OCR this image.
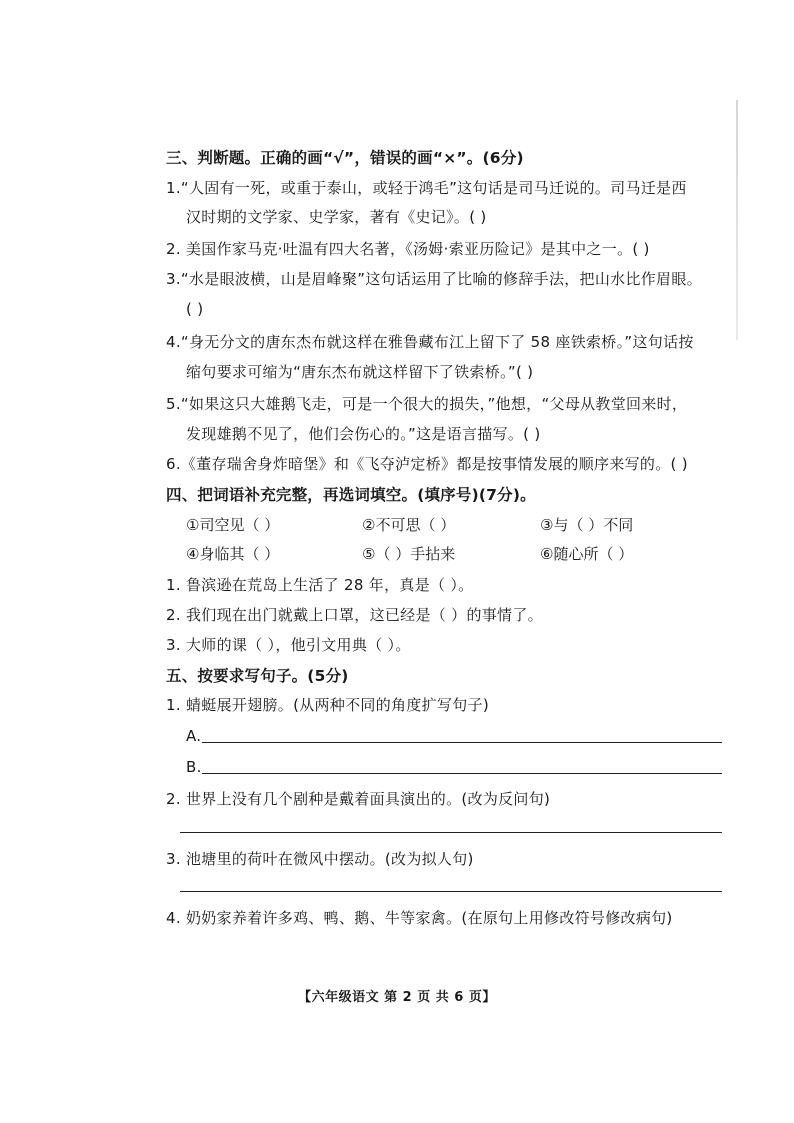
三、判断题。正确的画“√”，错误的画“×”。(6分)
1.“人固有一死，或重于泰山，或轻于鸿毛”这句话是司马迁说的。司马迁是西
汉时期的文学家、史学家，著有《史记》。( )
2. 美国作家马克·吐温有四大名著，《汤姆·索亚历险记》是其中之一。( )
3.“水是眼波横，山是眉峰聚”这句话运用了比喻的修辞手法，把山水比作眉眼。
( )
4.“身无分文的唐东杰布就这样在雅鲁藏布江上留下了 58 座铁索桥。”这句话按
缩句要求可缩为“唐东杰布就这样留下了铁索桥。”( )
5.“如果这只大雄鹅飞走，可是一个很大的损失，”他想，“父母从教堂回来时，
发现雄鹅不见了，他们会伤心的。”这是语言描写。( )
6.《董存瑞舍身炸暗堡》和《飞夺泸定桥》都是按事情发展的顺序来写的。( )
四、把词语补充完整，再选词填空。(填序号)(7分)。
①司空见（ ）	②不可思（ ）	③与（ ）不同
④身临其（ ）	⑤（ ）手拈来	⑥随心所（ ）
1. 鲁滨逊在荒岛上生活了 28 年，真是（ ）。
2. 我们现在出门就戴上口罩，这已经是（ ）的事情了。
3. 大师的课（ ），他引文用典（ ）。
五、按要求写句子。(5分)
1. 蜻蜓展开翅膀。(从两种不同的角度扩写句子)
A.
B.
2. 世界上没有几个剧种是戴着面具演出的。(改为反问句)
3. 池塘里的荷叶在微风中摆动。(改为拟人句)
4. 奶奶家养着许多鸡、鸭、鹅、牛等家禽。(在原句上用修改符号修改病句)
【六年级语文 第 2 页 共 6 页】
